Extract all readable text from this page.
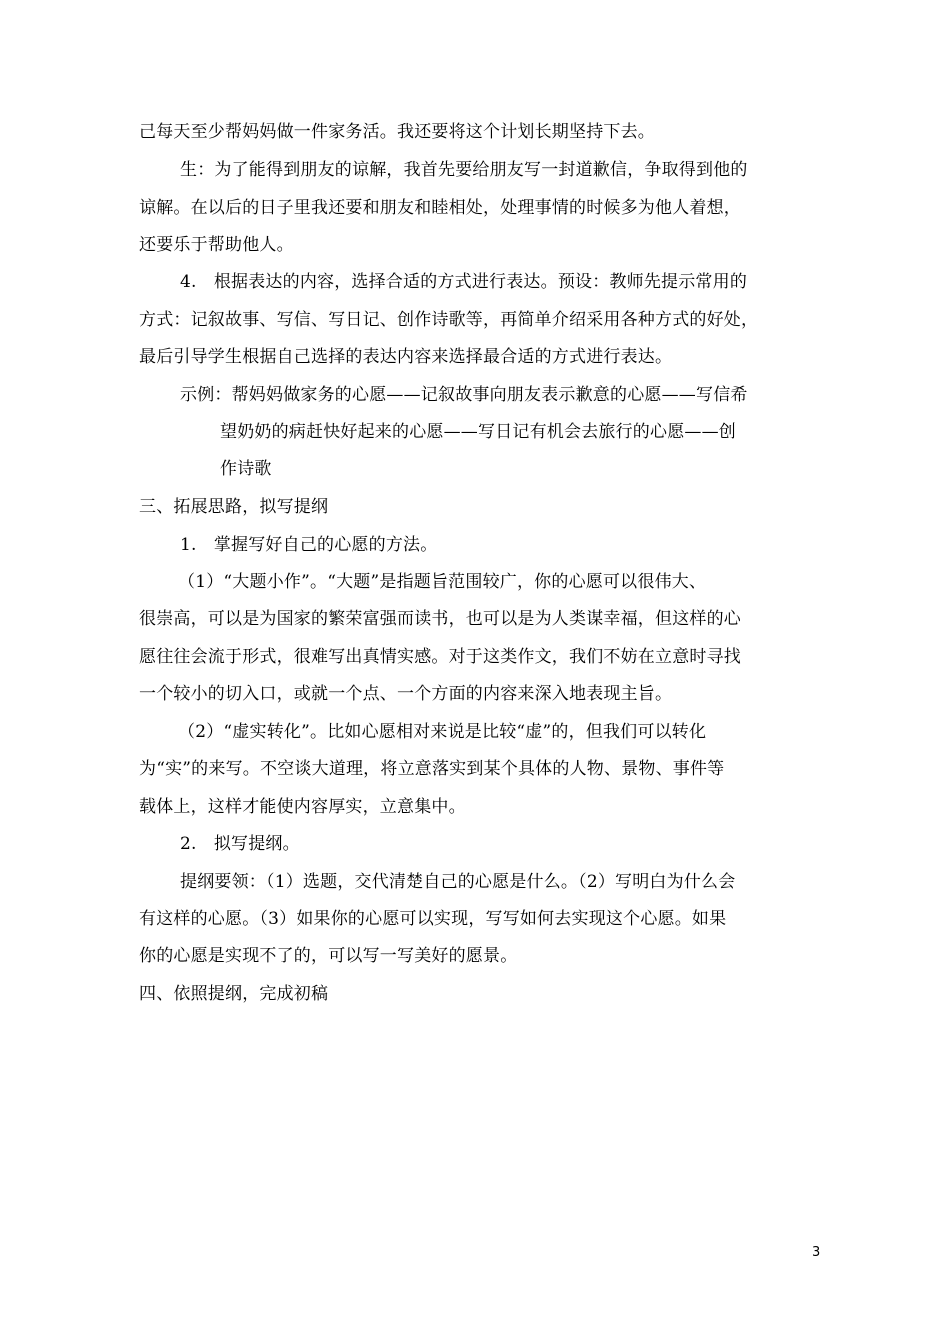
己每天至少帮妈妈做一件家务活。我还要将这个计划长期坚持下去。
生：为了能得到朋友的谅解，我首先要给朋友写一封道歉信，争取得到他的
谅解。在以后的日子里我还要和朋友和睦相处，处理事情的时候多为他人着想，
还要乐于帮助他人。
4.　根据表达的内容，选择合适的方式进行表达。预设：教师先提示常用的
方式：记叙故事、写信、写日记、创作诗歌等，再简单介绍采用各种方式的好处，
最后引导学生根据自己选择的表达内容来选择最合适的方式进行表达。
示例：帮妈妈做家务的心愿——记叙故事向朋友表示歉意的心愿——写信希
望奶奶的病赶快好起来的心愿——写日记有机会去旅行的心愿——创
作诗歌
三、拓展思路，拟写提纲
1.　掌握写好自己的心愿的方法。
（1）“大题小作”。“大题”是指题旨范围较广，你的心愿可以很伟大、
很崇高，可以是为国家的繁荣富强而读书，也可以是为人类谋幸福，但这样的心
愿往往会流于形式，很难写出真情实感。对于这类作文，我们不妨在立意时寻找
一个较小的切入口，或就一个点、一个方面的内容来深入地表现主旨。
（2）“虚实转化”。比如心愿相对来说是比较“虚”的，但我们可以转化
为“实”的来写。不空谈大道理，将立意落实到某个具体的人物、景物、事件等
载体上，这样才能使内容厚实，立意集中。
2.　拟写提纲。
提纲要领：（1）选题，交代清楚自己的心愿是什么。（2）写明白为什么会
有这样的心愿。（3）如果你的心愿可以实现，写写如何去实现这个心愿。如果
你的心愿是实现不了的，可以写一写美好的愿景。
四、依照提纲，完成初稿
3
